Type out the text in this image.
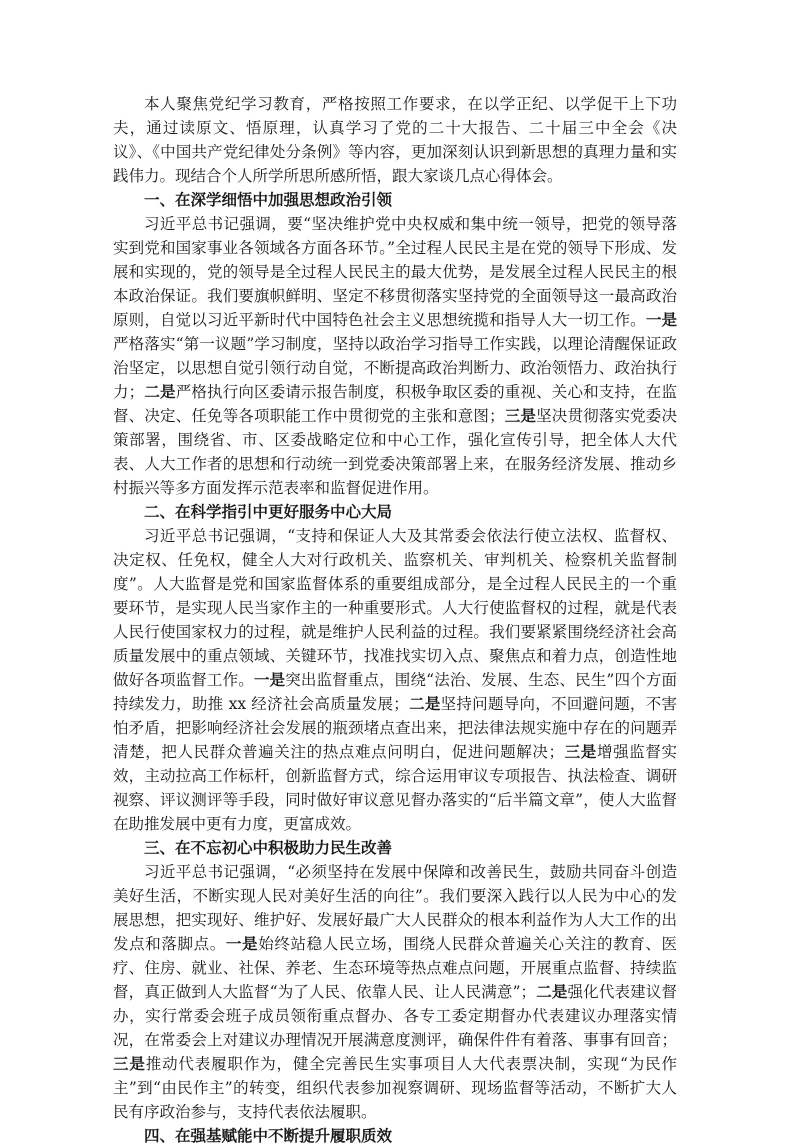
本人聚焦党纪学习教育，严格按照工作要求，在以学正纪、以学促干上下功夫，通过读原文、悟原理，认真学习了党的二十大报告、二十届三中全会《决议》、《中国共产党纪律处分条例》等内容，更加深刻认识到新思想的真理力量和实践伟力。现结合个人所学所思所感所悟，跟大家谈几点心得体会。

一、在深学细悟中加强思想政治引领

习近平总书记强调，要“坚决维护党中央权威和集中统一领导，把党的领导落实到党和国家事业各领域各方面各环节。”全过程人民民主是在党的领导下形成、发展和实现的，党的领导是全过程人民民主的最大优势，是发展全过程人民民主的根本政治保证。我们要旗帜鲜明、坚定不移贯彻落实坚持党的全面领导这一最高政治原则，自觉以习近平新时代中国特色社会主义思想统揽和指导人大一切工作。一是严格落实“第一议题”学习制度，坚持以政治学习指导工作实践，以理论清醒保证政治坚定，以思想自觉引领行动自觉，不断提高政治判断力、政治领悟力、政治执行力；二是严格执行向区委请示报告制度，积极争取区委的重视、关心和支持，在监督、决定、任免等各项职能工作中贯彻党的主张和意图；三是坚决贯彻落实党委决策部署，围绕省、市、区委战略定位和中心工作，强化宣传引导，把全体人大代表、人大工作者的思想和行动统一到党委决策部署上来，在服务经济发展、推动乡村振兴等多方面发挥示范表率和监督促进作用。

二、在科学指引中更好服务中心大局

习近平总书记强调，“支持和保证人大及其常委会依法行使立法权、监督权、决定权、任免权，健全人大对行政机关、监察机关、审判机关、检察机关监督制度”。人大监督是党和国家监督体系的重要组成部分，是全过程人民民主的一个重要环节，是实现人民当家作主的一种重要形式。人大行使监督权的过程，就是代表人民行使国家权力的过程，就是维护人民利益的过程。我们要紧紧围绕经济社会高质量发展中的重点领域、关键环节，找准找实切入点、聚焦点和着力点，创造性地做好各项监督工作。一是突出监督重点，围绕“法治、发展、生态、民生”四个方面持续发力，助推 xx 经济社会高质量发展；二是坚持问题导向，不回避问题，不害怕矛盾，把影响经济社会发展的瓶颈堵点查出来，把法律法规实施中存在的问题弄清楚，把人民群众普遍关注的热点难点问明白，促进问题解决；三是增强监督实效，主动拉高工作标杆，创新监督方式，综合运用审议专项报告、执法检查、调研视察、评议测评等手段，同时做好审议意见督办落实的“后半篇文章”，使人大监督在助推发展中更有力度，更富成效。

三、在不忘初心中积极助力民生改善

习近平总书记强调，“必须坚持在发展中保障和改善民生，鼓励共同奋斗创造美好生活，不断实现人民对美好生活的向往”。我们要深入践行以人民为中心的发展思想，把实现好、维护好、发展好最广大人民群众的根本利益作为人大工作的出发点和落脚点。一是始终站稳人民立场，围绕人民群众普遍关心关注的教育、医疗、住房、就业、社保、养老、生态环境等热点难点问题，开展重点监督、持续监督，真正做到人大监督“为了人民、依靠人民、让人民满意”；二是强化代表建议督办，实行常委会班子成员领衔重点督办、各专工委定期督办代表建议办理落实情况，在常委会上对建议办理情况开展满意度测评，确保件件有着落、事事有回音；三是推动代表履职作为，健全完善民生实事项目人大代表票决制，实现“为民作主”到“由民作主”的转变，组织代表参加视察调研、现场监督等活动，不断扩大人民有序政治参与，支持代表依法履职。

四、在强基赋能中不断提升履职质效
